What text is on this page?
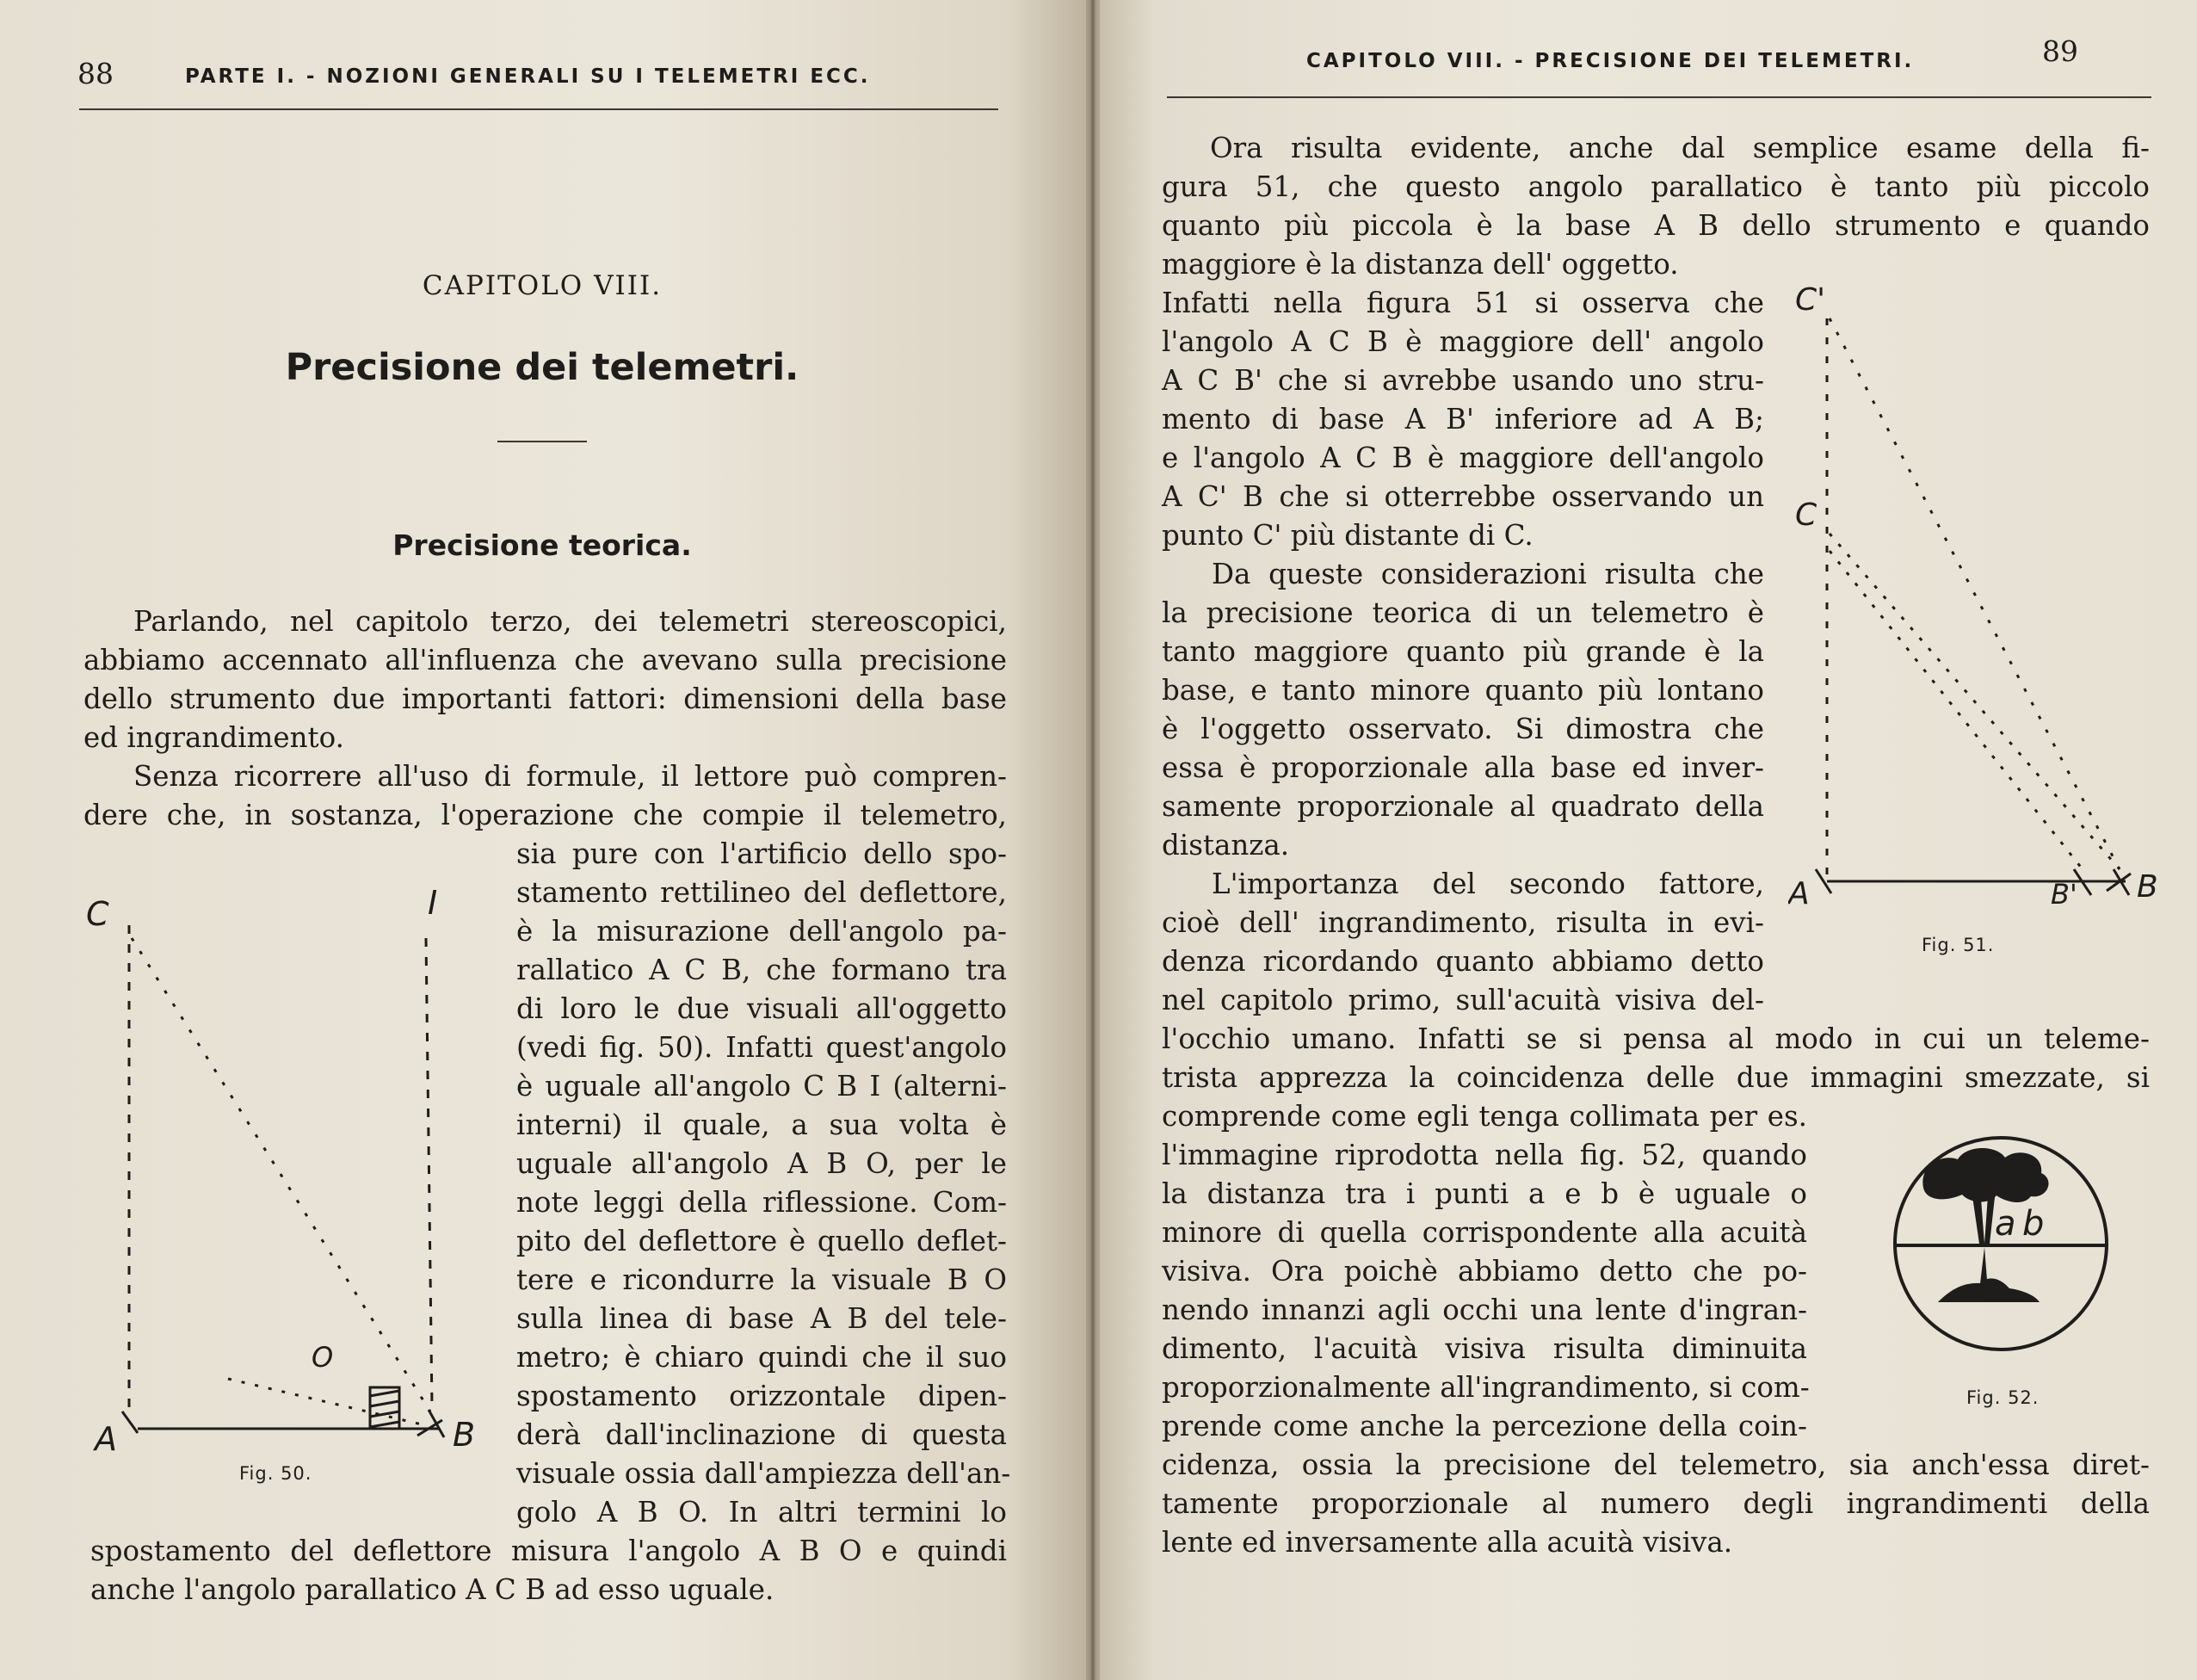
88	PARTE I. - NOZIONI GENERALI SU I TELEMETRI ECC.
CAPITOLO VIII.
Precisione dei telemetri.
Precisione teorica.
Parlando, nel capitolo terzo, dei telemetri stereoscopici,
abbiamo accennato all'influenza che avevano sulla precisione
dello strumento due importanti fattori: dimensioni della base
ed ingrandimento.
Senza ricorrere all'uso di formule, il lettore può compren-
dere che, in sostanza, l'operazione che compie il telemetro,
sia pure con l'artificio dello spo-
stamento rettilineo del deflettore,
è la misurazione dell'angolo pa-
rallatico A C B, che formano tra
di loro le due visuali all'oggetto
(vedi fig. 50). Infatti quest'angolo
è uguale all'angolo C B I (alterni-
interni) il quale, a sua volta è
uguale all'angolo A B O, per le
note leggi della riflessione. Com-
pito del deflettore è quello deflet-
tere e ricondurre la visuale B O
sulla linea di base A B del tele-
metro; è chiaro quindi che il suo
spostamento orizzontale dipen-
derà dall'inclinazione di questa
visuale ossia dall'ampiezza dell'an-
golo A B O. In altri termini lo
spostamento del deflettore misura l'angolo A B O e quindi
anche l'angolo parallatico A C B ad esso uguale.
C	I
O
A	B
Fig. 50.
CAPITOLO VIII. - PRECISIONE DEI TELEMETRI.	89
Ora risulta evidente, anche dal semplice esame della fi-
gura 51, che questo angolo parallatico è tanto più piccolo
quanto più piccola è la base A B dello strumento e quando
maggiore è la distanza dell' oggetto.
Infatti nella figura 51 si osserva che
l'angolo A C B è maggiore dell' angolo
A C B' che si avrebbe usando uno stru-
mento di base A B' inferiore ad A B;
e l'angolo A C B è maggiore dell'angolo
A C' B che si otterrebbe osservando un
punto C' più distante di C.
Da queste considerazioni risulta che
la precisione teorica di un telemetro è
tanto maggiore quanto più grande è la
base, e tanto minore quanto più lontano
è l'oggetto osservato. Si dimostra che
essa è proporzionale alla base ed inver-
samente proporzionale al quadrato della
distanza.
L'importanza del secondo fattore,
cioè dell' ingrandimento, risulta in evi-
denza ricordando quanto abbiamo detto
nel capitolo primo, sull'acuità visiva del-
l'occhio umano. Infatti se si pensa al modo in cui un teleme-
trista apprezza la coincidenza delle due immagini smezzate, si
comprende come egli tenga collimata per es.
l'immagine riprodotta nella fig. 52, quando
la distanza tra i punti a e b è uguale o
minore di quella corrispondente alla acuità
visiva. Ora poichè abbiamo detto che po-
nendo innanzi agli occhi una lente d'ingran-
dimento, l'acuità visiva risulta diminuita
proporzionalmente all'ingrandimento, si com-
prende come anche la percezione della coin-
cidenza, ossia la precisione del telemetro, sia anch'essa diret-
tamente proporzionale al numero degli ingrandimenti della
lente ed inversamente alla acuità visiva.
C'
C
A	B' B
Fig. 51.
a b
Fig. 52.
